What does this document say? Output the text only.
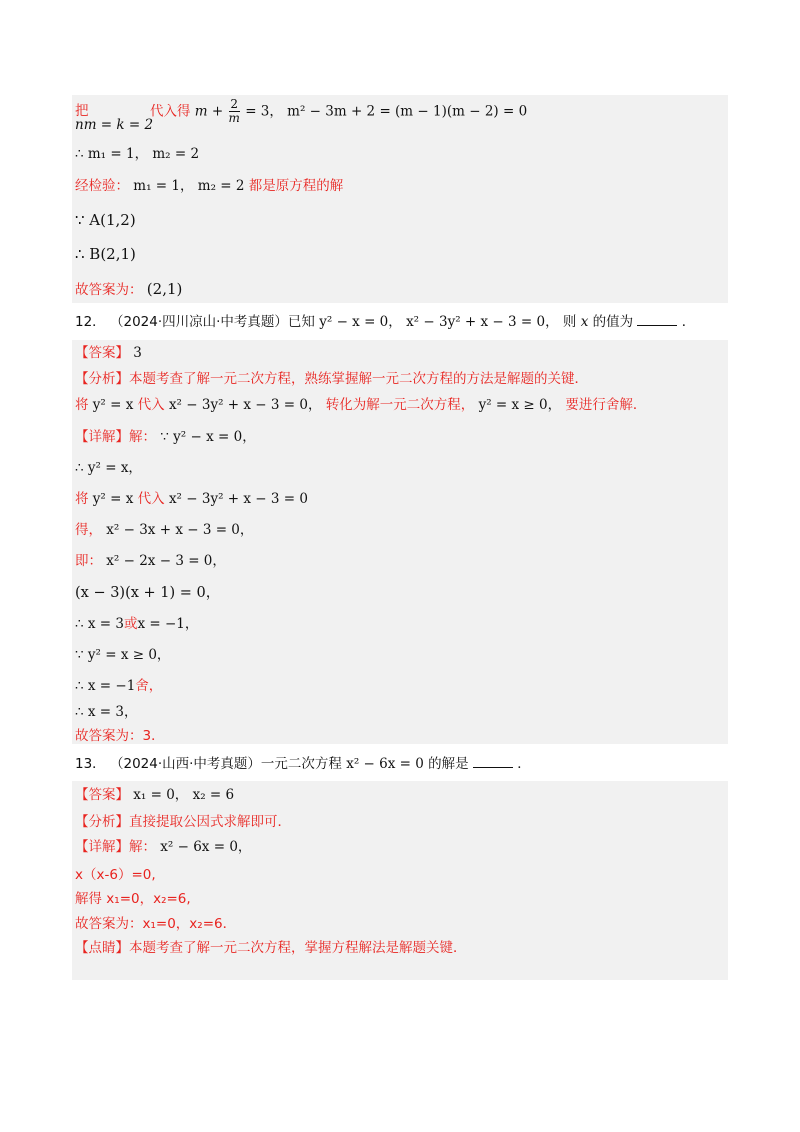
把
nm = k = 2
代入得 $m + \frac{2}{m} = 3$， m² − 3m + 2 = (m − 1)(m − 2) = 0
∴ m₁ = 1， m₂ = 2
经检验： m₁ = 1， m₂ = 2 都是原方程的解
∵ A(1,2)
∴ B(2,1)
故答案为： (2,1)
12． （2024·四川凉山·中考真题）已知 y² − x = 0， x² − 3y² + x − 3 = 0， 则 x 的值为	．
【答案】 3
【分析】本题考查了解一元二次方程，熟练掌握解一元二次方程的方法是解题的关键．
将 y² = x 代入 x² − 3y² + x − 3 = 0， 转化为解一元二次方程， y² = x ≥ 0， 要进行舍解．
【详解】解： ∵ y² − x = 0，
∴ y² = x，
将 y² = x 代入 x² − 3y² + x − 3 = 0
得， x² − 3x + x − 3 = 0，
即： x² − 2x − 3 = 0，
(x − 3)(x + 1) = 0，
∴ x = 3或x = −1，
∵ y² = x ≥ 0，
∴ x = −1舍，
∴ x = 3，
故答案为：3．
13． （2024·山西·中考真题）一元二次方程 x² − 6x = 0 的解是	．
【答案】 x₁ = 0， x₂ = 6
【分析】直接提取公因式求解即可．
【详解】解： x² − 6x = 0，
x（x-6）=0,
解得 x₁=0，x₂=6,
故答案为：x₁=0，x₂=6．
【点睛】本题考查了解一元二次方程，掌握方程解法是解题关键．
